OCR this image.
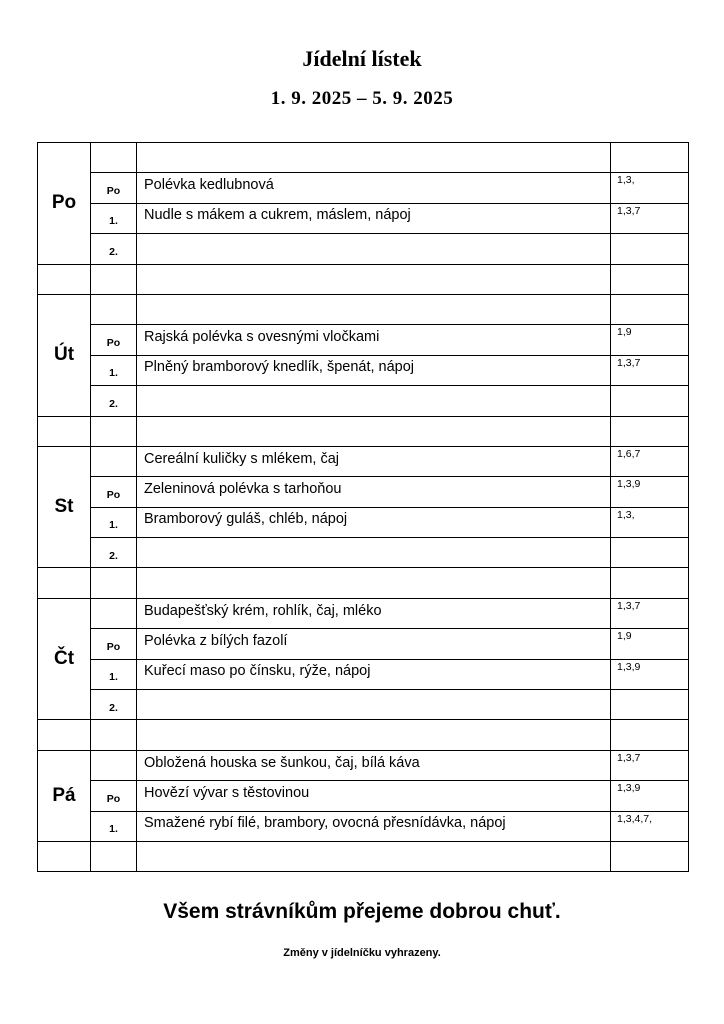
Jídelní lístek
1. 9. 2025 – 5. 9. 2025
Po			
	Po	Polévka kedlubnová	1,3,
	1.	Nudle s mákem a cukrem, máslem, nápoj	1,3,7
	2.		

Út			
	Po	Rajská polévka s ovesnými vločkami	1,9
	1.	Plněný bramborový knedlík, špenát, nápoj	1,3,7
	2.		

St		Cereální kuličky s mlékem, čaj	1,6,7
	Po	Zeleninová polévka s tarhoňou	1,3,9
	1.	Bramborový guláš, chléb, nápoj	1,3,
	2.		

Čt		Budapešťský krém, rohlík, čaj, mléko	1,3,7
	Po	Polévka z bílých fazolí	1,9
	1.	Kuřecí maso po čínsku, rýže, nápoj	1,3,9
	2.		

Pá		Obložená houska se šunkou, čaj, bílá káva	1,3,7
	Po	Hovězí vývar s těstovinou	1,3,9
	1.	Smažené rybí filé, brambory, ovocná přesnídávka, nápoj	1,3,4,7,

Všem strávníkům přejeme dobrou chuť.
Změny v jídelníčku vyhrazeny.
